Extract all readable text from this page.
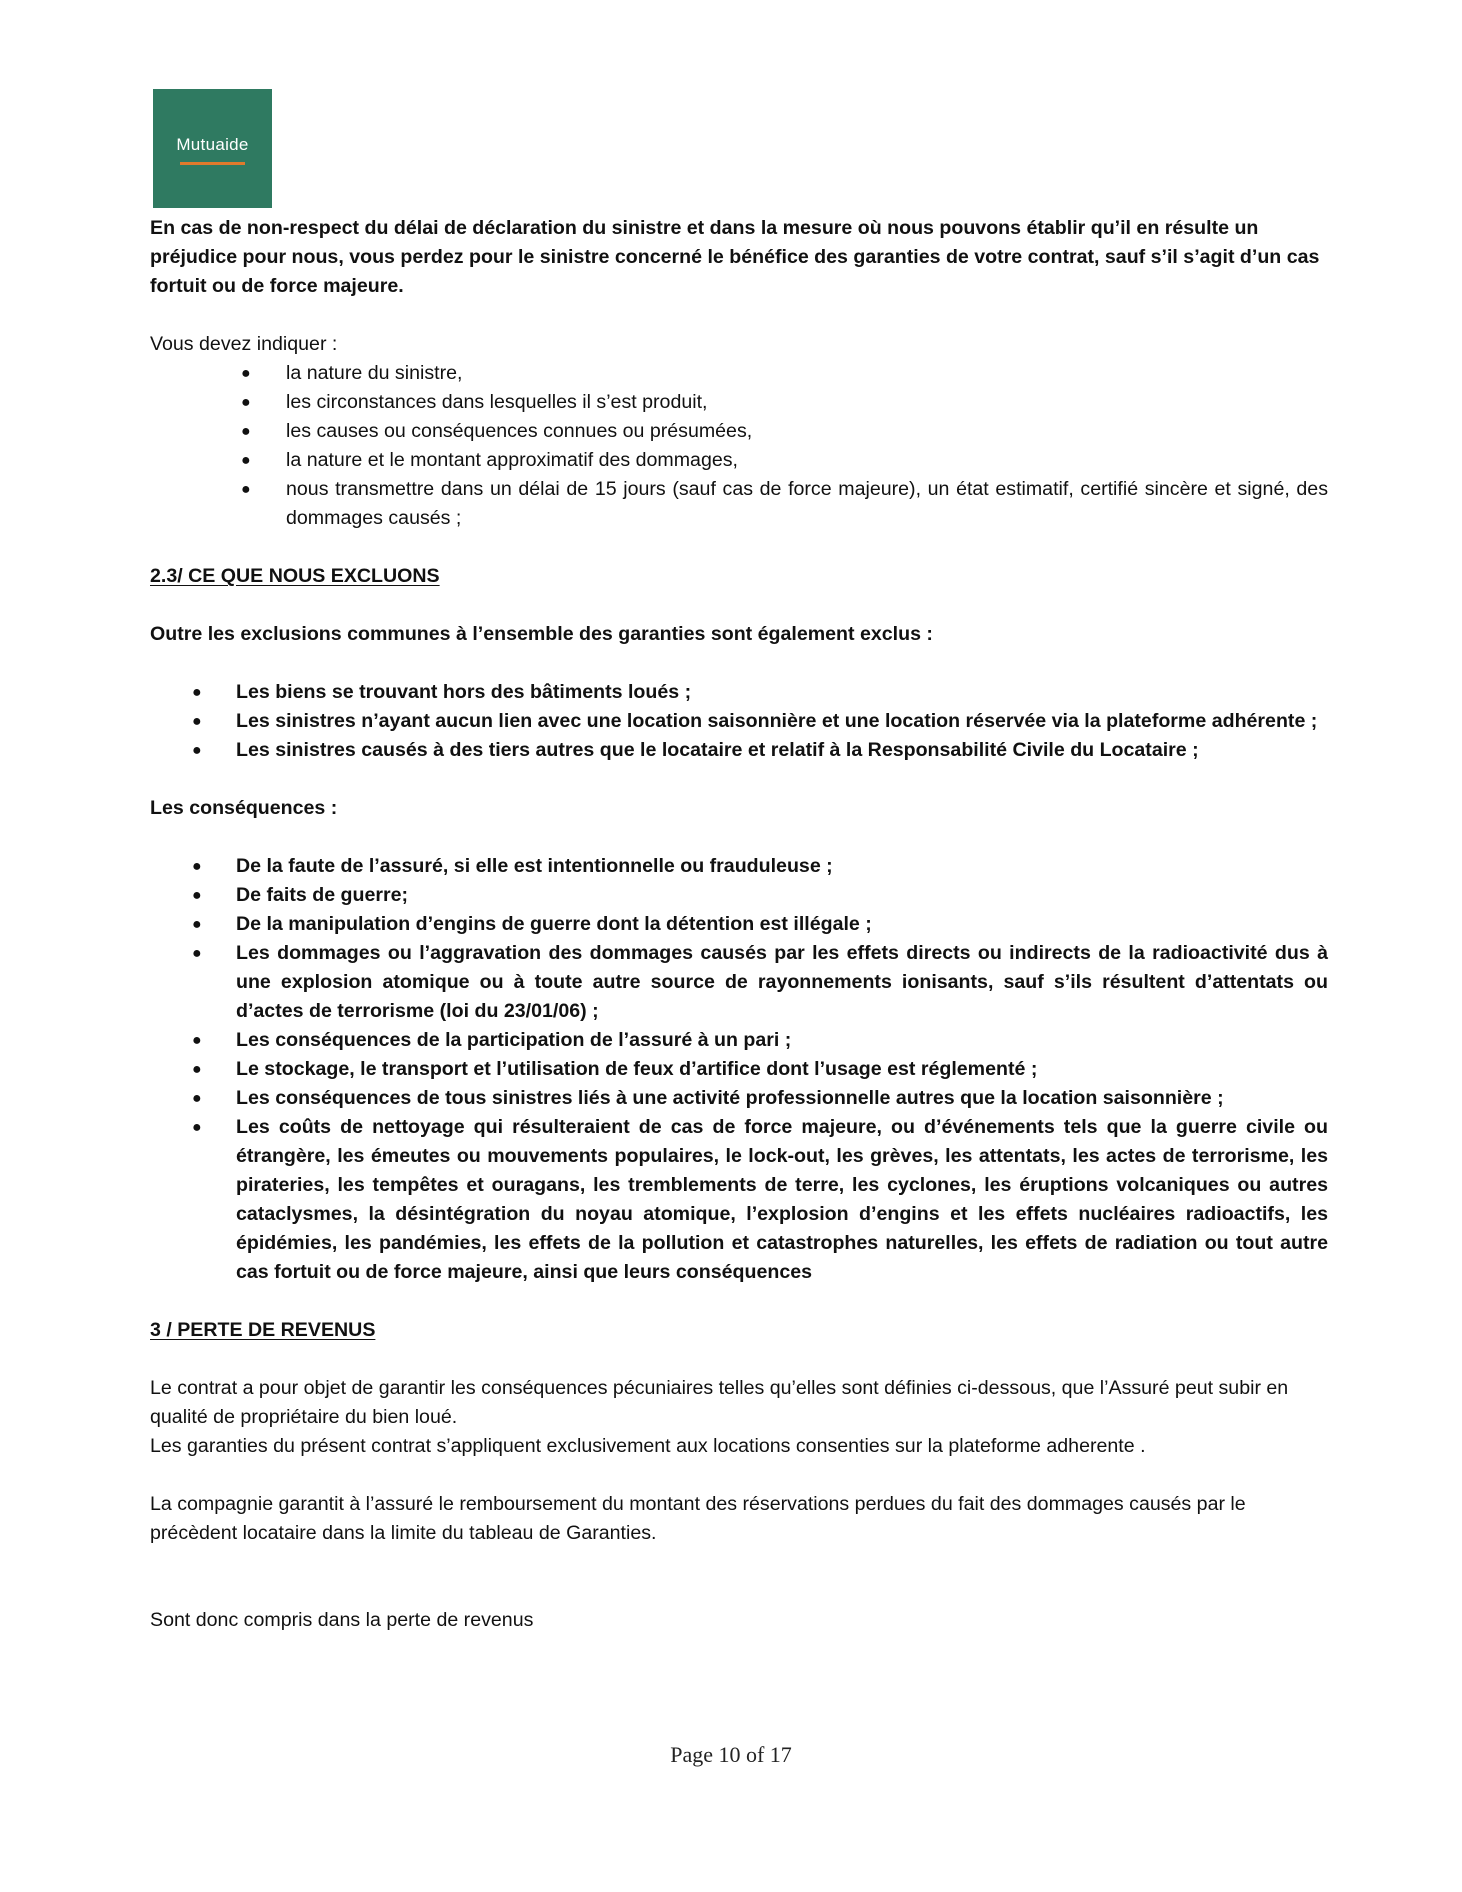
Mutuaide

En cas de non-respect du délai de déclaration du sinistre et dans la mesure où nous pouvons établir qu’il en résulte un préjudice pour nous, vous perdez pour le sinistre concerné le bénéfice des garanties de votre contrat, sauf s’il s’agit d’un cas fortuit ou de force majeure.

Vous devez indiquer :

● la nature du sinistre,
● les circonstances dans lesquelles il s’est produit,
● les causes ou conséquences connues ou présumées,
● la nature et le montant approximatif des dommages,
● nous transmettre dans un délai de 15 jours (sauf cas de force majeure), un état estimatif, certifié sincère et signé, des dommages causés ;

2.3/ CE QUE NOUS EXCLUONS

Outre les exclusions communes à l’ensemble des garanties sont également exclus :

● Les biens se trouvant hors des bâtiments loués ;
● Les sinistres n’ayant aucun lien avec une location saisonnière et une location réservée via la plateforme adhérente ;
● Les sinistres causés à des tiers autres que le locataire et relatif à la Responsabilité Civile du Locataire ;

Les conséquences :

● De la faute de l’assuré, si elle est intentionnelle ou frauduleuse ;
● De faits de guerre;
● De la manipulation d’engins de guerre dont la détention est illégale ;
● Les dommages ou l’aggravation des dommages causés par les effets directs ou indirects de la radioactivité dus à une explosion atomique ou à toute autre source de rayonnements ionisants, sauf s’ils résultent d’attentats ou d’actes de terrorisme (loi du 23/01/06) ;
● Les conséquences de la participation de l’assuré à un pari ;
● Le stockage, le transport et l’utilisation de feux d’artifice dont l’usage est réglementé ;
● Les conséquences de tous sinistres liés à une activité professionnelle autres que la location saisonnière ;
● Les coûts de nettoyage qui résulteraient de cas de force majeure, ou d’événements tels que la guerre civile ou étrangère, les émeutes ou mouvements populaires, le lock-out, les grèves, les attentats, les actes de terrorisme, les pirateries, les tempêtes et ouragans, les tremblements de terre, les cyclones, les éruptions volcaniques ou autres cataclysmes, la désintégration du noyau atomique, l’explosion d’engins et les effets nucléaires radioactifs, les épidémies, les pandémies, les effets de la pollution et catastrophes naturelles, les effets de radiation ou tout autre cas fortuit ou de force majeure, ainsi que leurs conséquences

3 / PERTE DE REVENUS

Le contrat a pour objet de garantir les conséquences pécuniaires telles qu’elles sont définies ci-dessous, que l’Assuré peut subir en qualité de propriétaire du bien loué.

Les garanties du présent contrat s’appliquent exclusivement aux locations consenties sur la plateforme adherente .

La compagnie garantit à l’assuré le remboursement du montant des réservations perdues du fait des dommages causés par le précèdent locataire dans la limite du tableau de Garanties.

Sont donc compris dans la perte de revenus

Page 10 of 17
